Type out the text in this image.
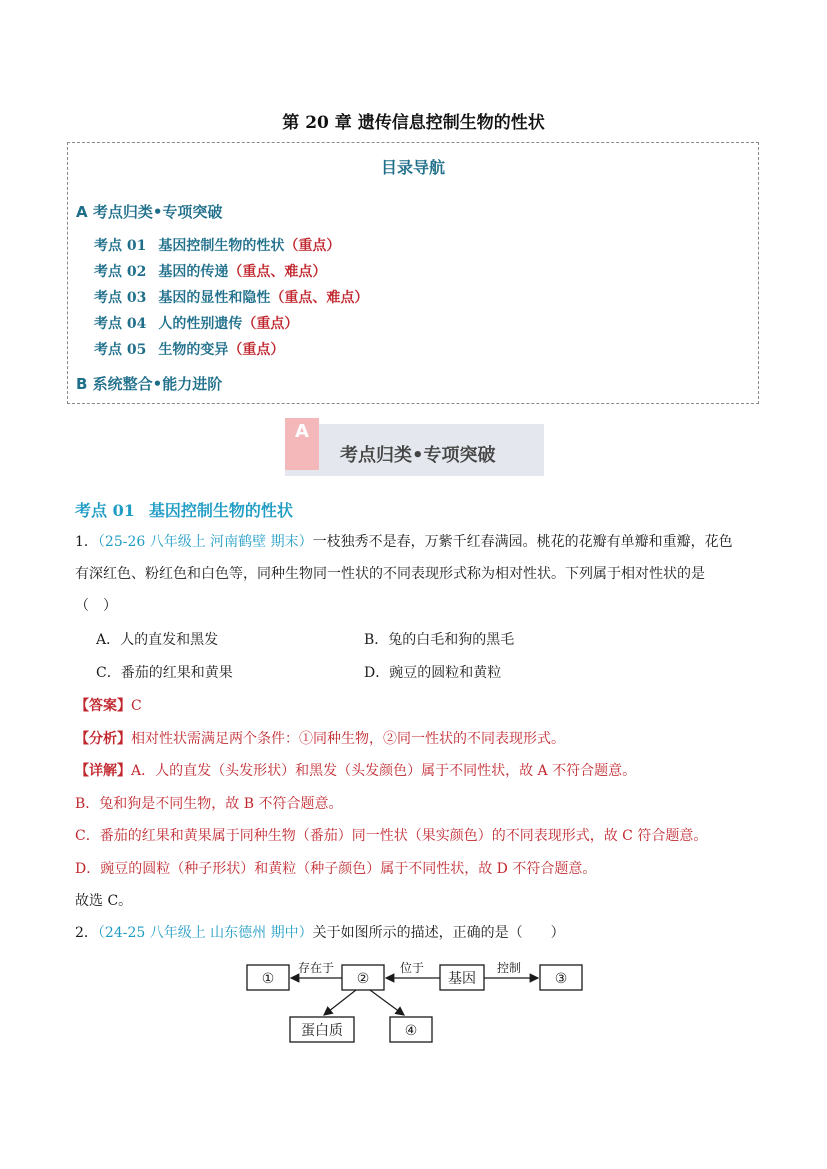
第 20 章 遗传信息控制生物的性状
目录导航
A 考点归类•专项突破
考点 01 基因控制生物的性状（重点）
考点 02 基因的传递（重点、难点）
考点 03 基因的显性和隐性（重点、难点）
考点 04 人的性别遗传（重点）
考点 05 生物的变异（重点）
B 系统整合•能力进阶
A
考点归类•专项突破
考点 01 基因控制生物的性状
1．（25-26 八年级上 河南鹤壁 期末）一枝独秀不是春，万紫千红春满园。桃花的花瓣有单瓣和重瓣，花色
有深红色、粉红色和白色等，同种生物同一性状的不同表现形式称为相对性状。下列属于相对性状的是
（　）
A．人的直发和黑发	B．兔的白毛和狗的黑毛
C．番茄的红果和黄果	D．豌豆的圆粒和黄粒
【答案】C
【分析】相对性状需满足两个条件：①同种生物，②同一性状的不同表现形式。
【详解】A．人的直发（头发形状）和黑发（头发颜色）属于不同性状，故 A 不符合题意。
B．兔和狗是不同生物，故 B 不符合题意。
C．番茄的红果和黄果属于同种生物（番茄）同一性状（果实颜色）的不同表现形式，故 C 符合题意。
D．豌豆的圆粒（种子形状）和黄粒（种子颜色）属于不同性状，故 D 不符合题意。
故选 C。
2．（24-25 八年级上 山东德州 期中）关于如图所示的描述，正确的是（　　）
①	②	基因	③
蛋白质	④
存在于	位于	控制
